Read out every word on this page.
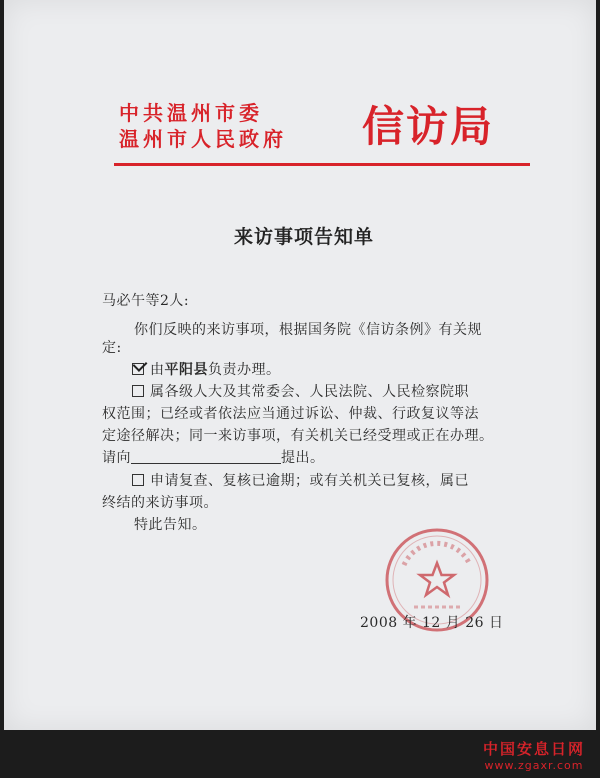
中共温州市委
温州市人民政府 信访局
来访事项告知单
马必午等2人:
你们反映的来访事项，根据国务院《信访条例》有关规
定:
由平阳县负责办理。
属各级人大及其常委会、人民法院、人民检察院职
权范围；已经或者依法应当通过诉讼、仲裁、行政复议等法
定途径解决；同一来访事项，有关机关已经受理或正在办理。
请向	提出。
申请复查、复核已逾期；或有关机关已复核，属已
终结的来访事项。
特此告知。
2008 年 12 月 26 日
中国安息日网
www.zgaxr.com
